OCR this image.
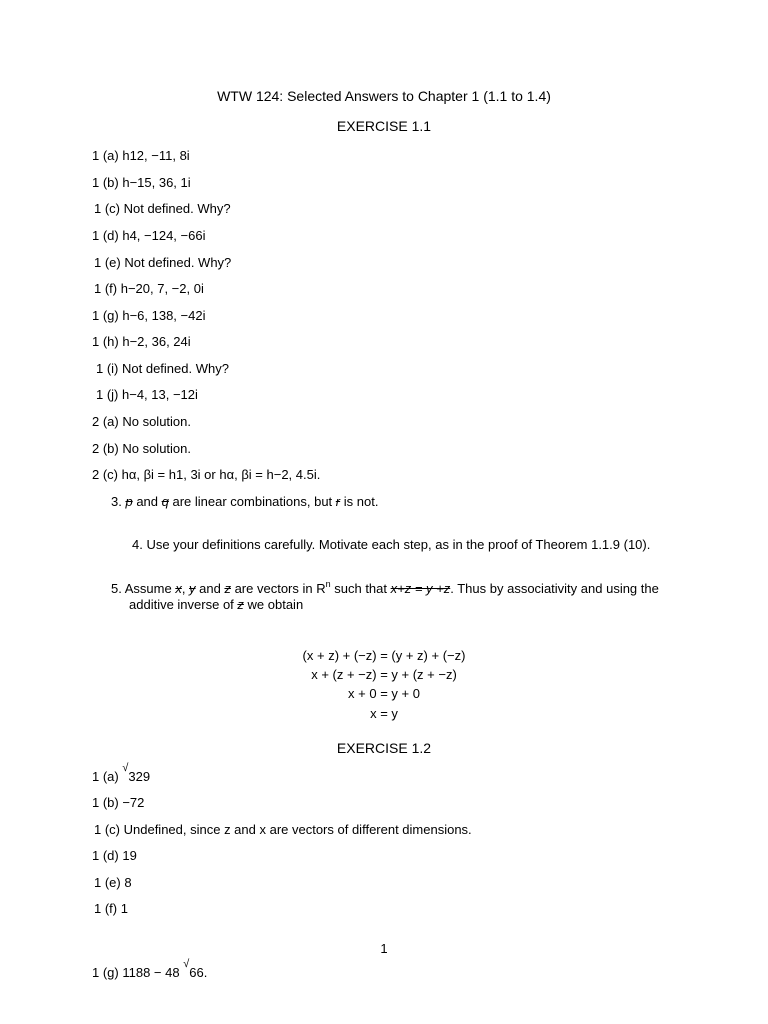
WTW 124: Selected Answers to Chapter 1 (1.1 to 1.4)
EXERCISE 1.1
1 (a) h12, −11, 8i
1 (b) h−15, 36, 1i
1 (c) Not defined. Why?
1 (d) h4, −124, −66i
1 (e) Not defined. Why?
1 (f) h−20, 7, −2, 0i
1 (g) h−6, 138, −42i
1 (h) h−2, 36, 24i
1 (i) Not defined. Why?
1 (j) h−4, 13, −12i
2 (a) No solution.
2 (b) No solution.
2 (c) hα, βi = h1, 3i or hα, βi = h−2, 4.5i.
3. p and q are linear combinations, but r is not.
4. Use your definitions carefully. Motivate each step, as in the proof of Theorem 1.1.9 (10).
5. Assume x, y and z are vectors in $R^n$ such that x+z = y +z. Thus by associativity and using the
additive inverse of z we obtain
(x + z) + (−z) = (y + z) + (−z)
x + (z + −z) = y + (z + −z)
x + 0 = y + 0
x = y
EXERCISE 1.2
1 (a) √329
1 (b) −72
1 (c) Undefined, since z and x are vectors of different dimensions.
1 (d) 19
1 (e) 8
1 (f) 1
1
1 (g) 1188 − 48 √66.
